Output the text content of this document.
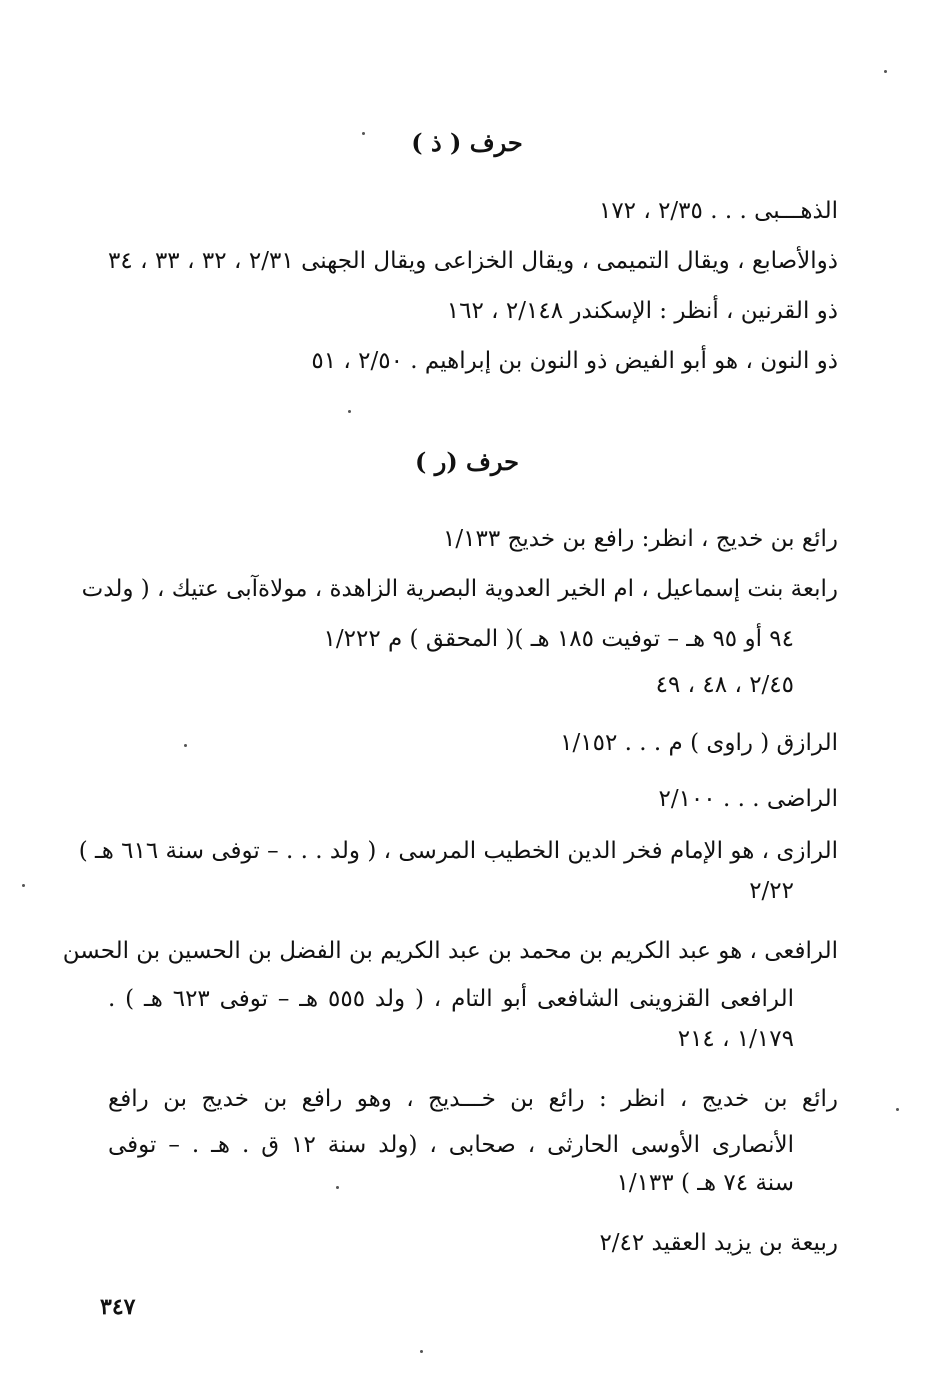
حرف ( ذ )
الذهـــبى . . . ٢/٣٥ ، ١٧٢
ذوالأصابع ، ويقال التميمى ، ويقال الخزاعى ويقال الجهنى ٢/٣١ ، ٣٢ ، ٣٣ ، ٣٤
ذو القرنين ، أنظر : الإسكندر ٢/١٤٨ ، ١٦٢
ذو النون ، هو أبو الفيض ذو النون بن إبراهيم . ٢/٥٠ ، ٥١
حرف (ر )
رائع بن خديج ، انظر: رافع بن خديج ١/١٣٣
رابعة بنت إسماعيل ، ام الخير العدوية البصرية الزاهدة ، مولاةآبى عتيك ، ( ولدت
٩٤ أو ٩٥ هـ – توفيت ١٨٥ هـ )( المحقق ) م ١/٢٢٢
٢/٤٥ ، ٤٨ ، ٤٩
الرازق ( راوى ) م . . . ١/١٥٢
الراضى . . . ٢/١٠٠
الرازى ، هو الإمام فخر الدين الخطيب المرسى ، ( ولد . . . – توفى سنة ٦١٦ هـ )
٢/٢٢
الرافعى ، هو عبد الكريم بن محمد بن عبد الكريم بن الفضل بن الحسين بن الحسن
الرافعى القزوينى الشافعى أبو التام ، ( ولد ٥٥٥ هـ – توفى ٦٢٣ هـ ) .
١/١٧٩ ، ٢١٤
رائع بن خديج ، انظر : رائع بن خـــديج ، وهو رافع بن خديج بن رافع
الأنصارى الأوسى الحارثى ، صحابى ، (ولد سنة ١٢ ق . هـ . – توفى
سنة ٧٤ هـ ) ١/١٣٣
ربيعة بن يزيد العقيد ٢/٤٢
٣٤٧
